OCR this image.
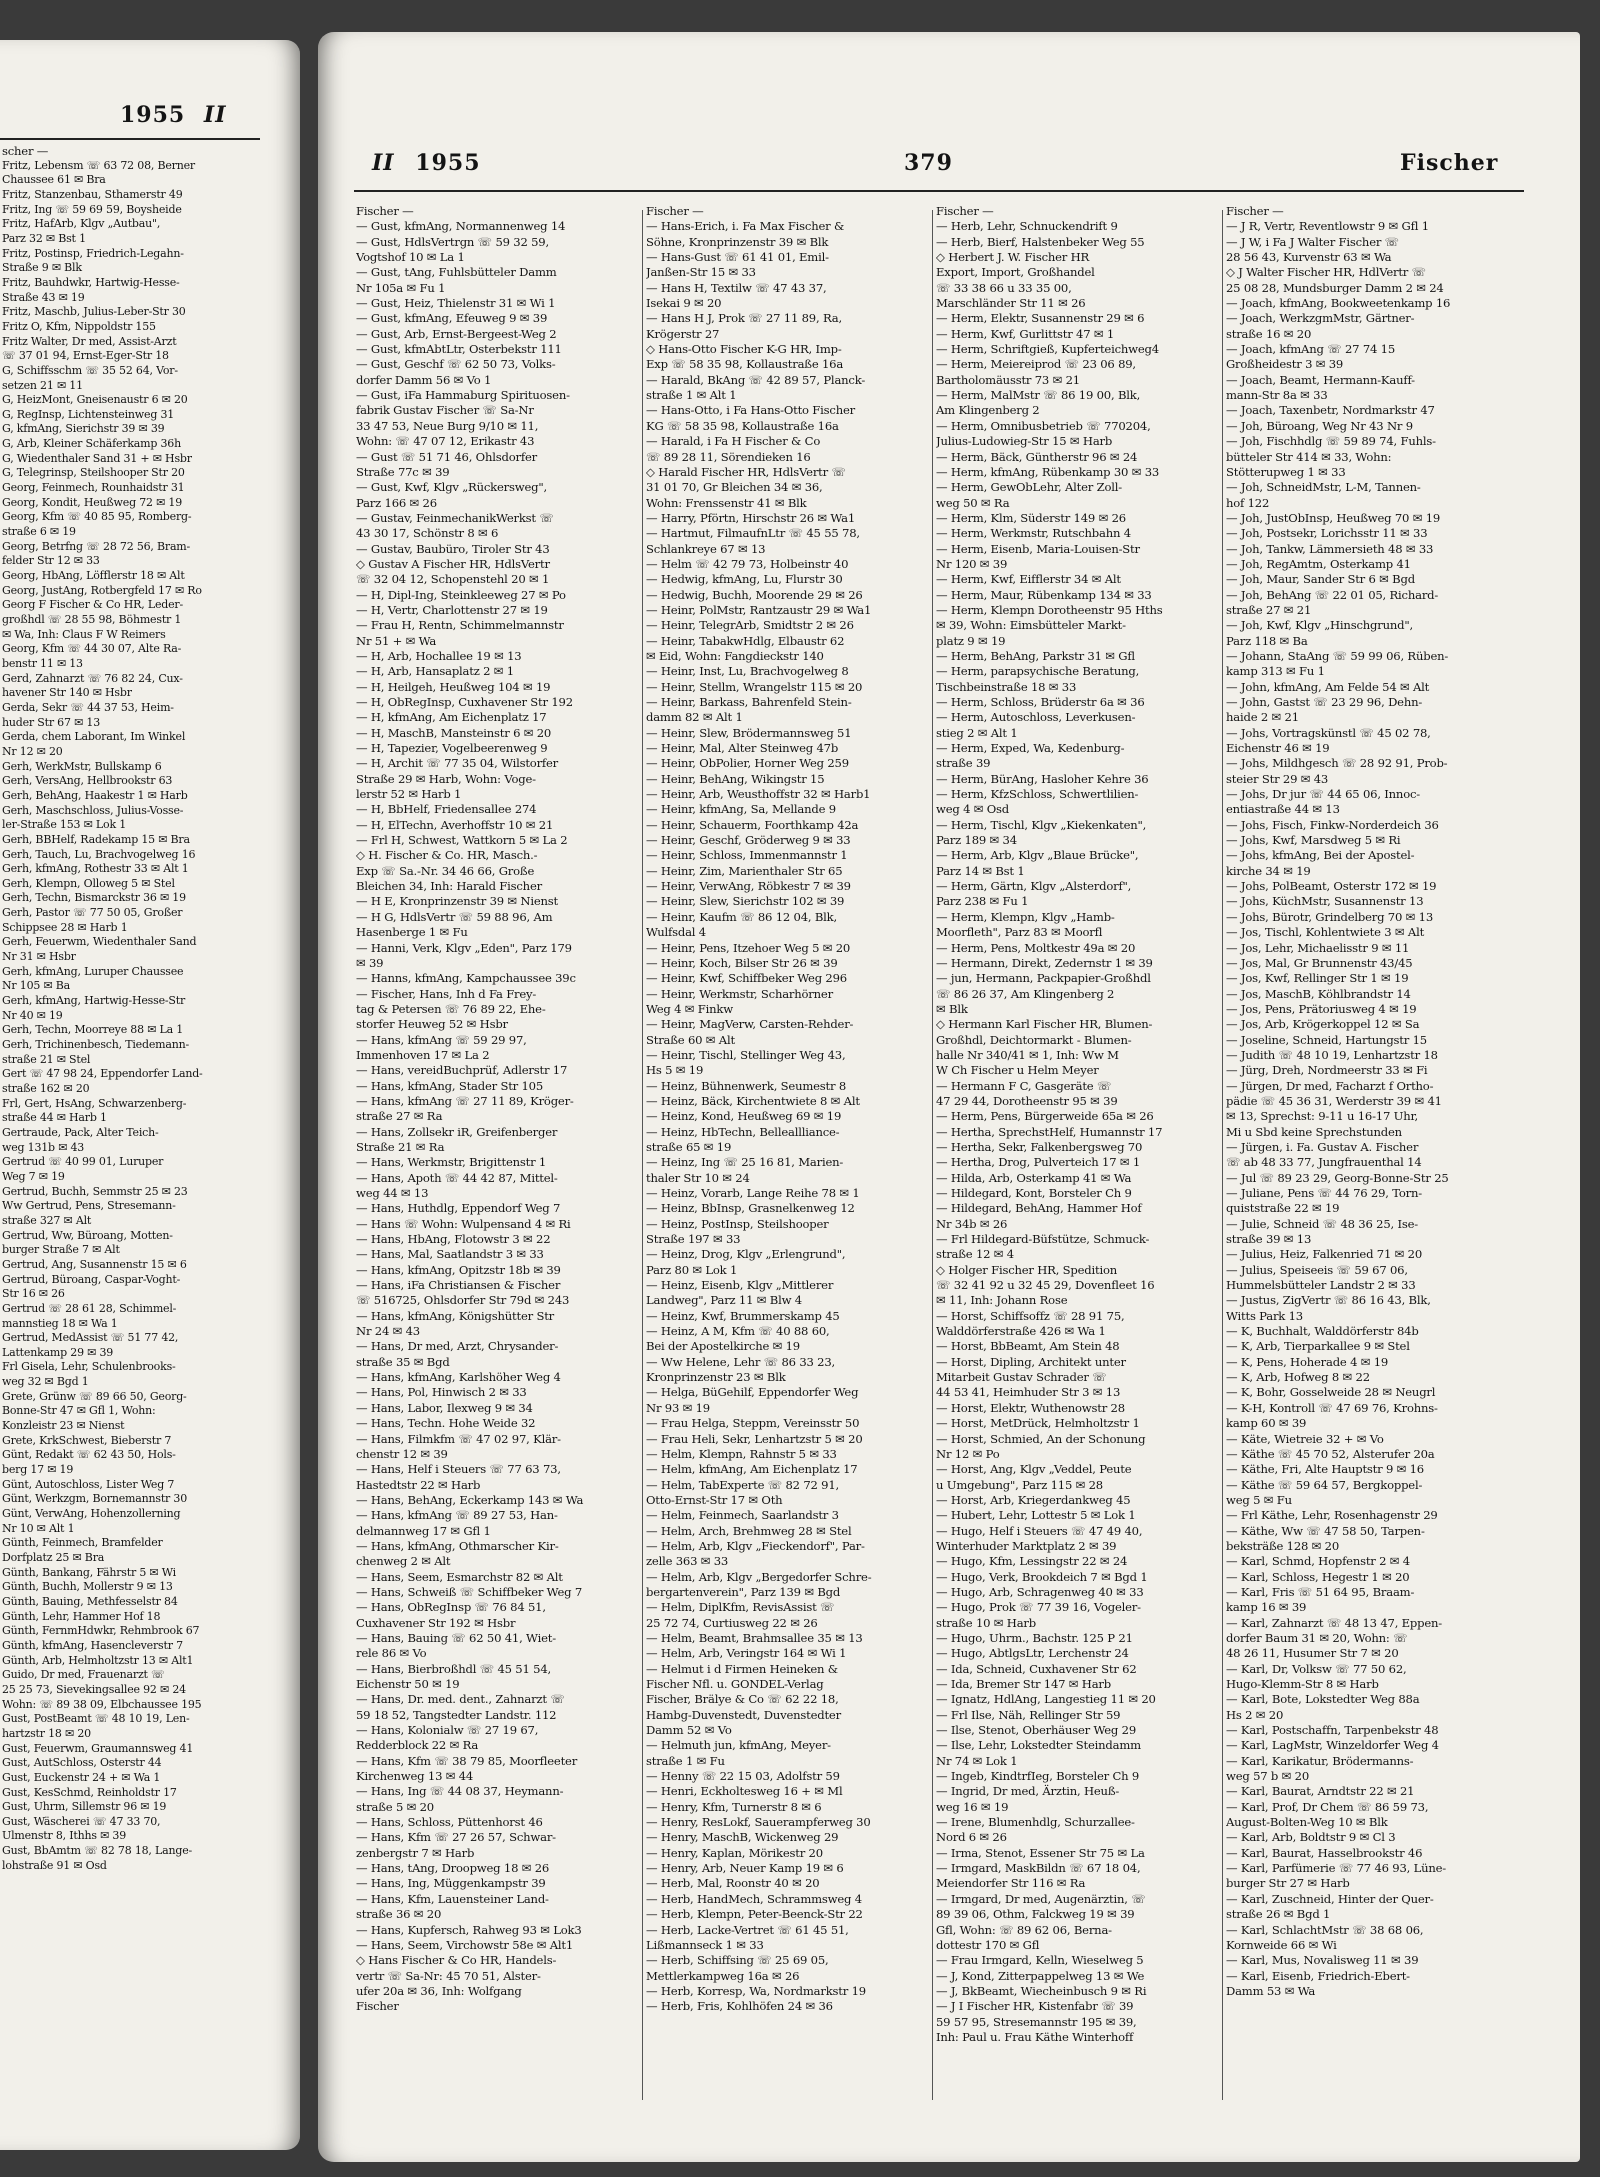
1955 II
scher —
Fritz, Lebensm ☏ 63 72 08, Berner
Chaussee 61 ✉ Bra
Fritz, Stanzenbau, Sthamerstr 49
Fritz, Ing ☏ 59 69 59, Boysheide
Fritz, HafArb, Klgv „Autbau",
Parz 32 ✉ Bst 1
Fritz, Postinsp, Friedrich-Legahn-
Straße 9 ✉ Blk
Fritz, Bauhdwkr, Hartwig-Hesse-
Straße 43 ✉ 19
Fritz, Maschb, Julius-Leber-Str 30
Fritz O, Kfm, Nippoldstr 155
Fritz Walter, Dr med, Assist-Arzt
☏ 37 01 94, Ernst-Eger-Str 18
G, Schiffsschm ☏ 35 52 64, Vor-
setzen 21 ✉ 11
G, HeizMont, Gneisenaustr 6 ✉ 20
G, RegInsp, Lichtensteinweg 31
G, kfmAng, Sierichstr 39 ✉ 39
G, Arb, Kleiner Schäferkamp 36h
G, Wiedenthaler Sand 31 + ✉ Hsbr
G, Telegrinsp, Steilshooper Str 20
Georg, Feinmech, Rounhaidstr 31
Georg, Kondit, Heußweg 72 ✉ 19
Georg, Kfm ☏ 40 85 95, Romberg-
straße 6 ✉ 19
Georg, Betrfng ☏ 28 72 56, Bram-
felder Str 12 ✉ 33
Georg, HbAng, Löfflerstr 18 ✉ Alt
Georg, JustAng, Rotbergfeld 17 ✉ Ro
Georg F Fischer & Co HR, Leder-
großhdl ☏ 28 55 98, Böhmestr 1
✉ Wa, Inh: Claus F W Reimers
Georg, Kfm ☏ 44 30 07, Alte Ra-
benstr 11 ✉ 13
Gerd, Zahnarzt ☏ 76 82 24, Cux-
havener Str 140 ✉ Hsbr
Gerda, Sekr ☏ 44 37 53, Heim-
huder Str 67 ✉ 13
Gerda, chem Laborant, Im Winkel
Nr 12 ✉ 20
Gerh, WerkMstr, Bullskamp 6
Gerh, VersAng, Hellbrookstr 63
Gerh, BehAng, Haakestr 1 ✉ Harb
Gerh, Maschschloss, Julius-Vosse-
ler-Straße 153 ✉ Lok 1
Gerh, BBHelf, Radekamp 15 ✉ Bra
Gerh, Tauch, Lu, Brachvogelweg 16
Gerh, kfmAng, Rothestr 33 ✉ Alt 1
Gerh, Klempn, Olloweg 5 ✉ Stel
Gerh, Techn, Bismarckstr 36 ✉ 19
Gerh, Pastor ☏ 77 50 05, Großer
Schippsee 28 ✉ Harb 1
Gerh, Feuerwm, Wiedenthaler Sand
Nr 31 ✉ Hsbr
Gerh, kfmAng, Luruper Chaussee
Nr 105 ✉ Ba
Gerh, kfmAng, Hartwig-Hesse-Str
Nr 40 ✉ 19
Gerh, Techn, Moorreye 88 ✉ La 1
Gerh, Trichinenbesch, Tiedemann-
straße 21 ✉ Stel
Gert ☏ 47 98 24, Eppendorfer Land-
straße 162 ✉ 20
Frl, Gert, HsAng, Schwarzenberg-
straße 44 ✉ Harb 1
Gertraude, Pack, Alter Teich-
weg 131b ✉ 43
Gertrud ☏ 40 99 01, Luruper
Weg 7 ✉ 19
Gertrud, Buchh, Semmstr 25 ✉ 23
Ww Gertrud, Pens, Stresemann-
straße 327 ✉ Alt
Gertrud, Ww, Büroang, Motten-
burger Straße 7 ✉ Alt
Gertrud, Ang, Susannenstr 15 ✉ 6
Gertrud, Büroang, Caspar-Voght-
Str 16 ✉ 26
Gertrud ☏ 28 61 28, Schimmel-
mannstieg 18 ✉ Wa 1
Gertrud, MedAssist ☏ 51 77 42,
Lattenkamp 29 ✉ 39
Frl Gisela, Lehr, Schulenbrooks-
weg 32 ✉ Bgd 1
Grete, Grünw ☏ 89 66 50, Georg-
Bonne-Str 47 ✉ Gfl 1, Wohn:
Konzleistr 23 ✉ Nienst
Grete, KrkSchwest, Bieberstr 7
Günt, Redakt ☏ 62 43 50, Hols-
berg 17 ✉ 19
Günt, Autoschloss, Lister Weg 7
Günt, Werkzgm, Bornemannstr 30
Günt, VerwAng, Hohenzollerning
Nr 10 ✉ Alt 1
Günth, Feinmech, Bramfelder
Dorfplatz 25 ✉ Bra
Günth, Bankang, Fährstr 5 ✉ Wi
Günth, Buchh, Mollerstr 9 ✉ 13
Günth, Bauing, Methfesselstr 84
Günth, Lehr, Hammer Hof 18
Günth, FernmHdwkr, Rehmbrook 67
Günth, kfmAng, Hasencleverstr 7
Günth, Arb, Helmholtzstr 13 ✉ Alt1
Guido, Dr med, Frauenarzt ☏
25 25 73, Sievekingsallee 92 ✉ 24
Wohn: ☏ 89 38 09, Elbchaussee 195
Gust, PostBeamt ☏ 48 10 19, Len-
hartzstr 18 ✉ 20
Gust, Feuerwm, Graumannsweg 41
Gust, AutSchloss, Osterstr 44
Gust, Euckenstr 24 + ✉ Wa 1
Gust, KesSchmd, Reinholdstr 17
Gust, Uhrm, Sillemstr 96 ✉ 19
Gust, Wäscherei ☏ 47 33 70,
Ulmenstr 8, Ithhs ✉ 39
Gust, BbAmtm ☏ 82 78 18, Lange-
lohstraße 91 ✉ Osd
II 1955	379	Fischer
Fischer —
— Gust, kfmAng, Normannenweg 14
— Gust, HdlsVertrgn ☏ 59 32 59,
Vogtshof 10 ✉ La 1
— Gust, tAng, Fuhlsbütteler Damm
Nr 105a ✉ Fu 1
— Gust, Heiz, Thielenstr 31 ✉ Wi 1
— Gust, kfmAng, Efeuweg 9 ✉ 39
— Gust, Arb, Ernst-Bergeest-Weg 2
— Gust, kfmAbtLtr, Osterbekstr 111
— Gust, Geschf ☏ 62 50 73, Volks-
dorfer Damm 56 ✉ Vo 1
— Gust, iFa Hammaburg Spirituosen-
fabrik Gustav Fischer ☏ Sa-Nr
33 47 53, Neue Burg 9/10 ✉ 11,
Wohn: ☏ 47 07 12, Erikastr 43
— Gust ☏ 51 71 46, Ohlsdorfer
Straße 77c ✉ 39
— Gust, Kwf, Klgv „Rückersweg",
Parz 166 ✉ 26
— Gustav, FeinmechanikWerkst ☏
43 30 17, Schönstr 8 ✉ 6
— Gustav, Baubüro, Tiroler Str 43
◇ Gustav A Fischer HR, HdlsVertr
☏ 32 04 12, Schopenstehl 20 ✉ 1
— H, Dipl-Ing, Steinkleeweg 27 ✉ Po
— H, Vertr, Charlottenstr 27 ✉ 19
— Frau H, Rentn, Schimmelmannstr
Nr 51 + ✉ Wa
— H, Arb, Hochallee 19 ✉ 13
— H, Arb, Hansaplatz 2 ✉ 1
— H, Heilgeh, Heußweg 104 ✉ 19
— H, ObRegInsp, Cuxhavener Str 192
— H, kfmAng, Am Eichenplatz 17
— H, MaschB, Mansteinstr 6 ✉ 20
— H, Tapezier, Vogelbeerenweg 9
— H, Archit ☏ 77 35 04, Wilstorfer
Straße 29 ✉ Harb, Wohn: Voge-
lerstr 52 ✉ Harb 1
— H, BbHelf, Friedensallee 274
— H, ElTechn, Averhoffstr 10 ✉ 21
— Frl H, Schwest, Wattkorn 5 ✉ La 2
◇ H. Fischer & Co. HR, Masch.-
Exp ☏ Sa.-Nr. 34 46 66, Große
Bleichen 34, Inh: Harald Fischer
— H E, Kronprinzenstr 39 ✉ Nienst
— H G, HdlsVertr ☏ 59 88 96, Am
Hasenberge 1 ✉ Fu
— Hanni, Verk, Klgv „Eden", Parz 179
✉ 39
— Hanns, kfmAng, Kampchaussee 39c
— Fischer, Hans, Inh d Fa Frey-
tag & Petersen ☏ 76 89 22, Ehe-
storfer Heuweg 52 ✉ Hsbr
— Hans, kfmAng ☏ 59 29 97,
Immenhoven 17 ✉ La 2
— Hans, vereidBuchprüf, Adlerstr 17
— Hans, kfmAng, Stader Str 105
— Hans, kfmAng ☏ 27 11 89, Kröger-
straße 27 ✉ Ra
— Hans, Zollsekr iR, Greifenberger
Straße 21 ✉ Ra
— Hans, Werkmstr, Brigittenstr 1
— Hans, Apoth ☏ 44 42 87, Mittel-
weg 44 ✉ 13
— Hans, Huthdlg, Eppendorf Weg 7
— Hans ☏ Wohn: Wulpensand 4 ✉ Ri
— Hans, HbAng, Flotowstr 3 ✉ 22
— Hans, Mal, Saatlandstr 3 ✉ 33
— Hans, kfmAng, Opitzstr 18b ✉ 39
— Hans, iFa Christiansen & Fischer
☏ 516725, Ohlsdorfer Str 79d ✉ 243
— Hans, kfmAng, Königshütter Str
Nr 24 ✉ 43
— Hans, Dr med, Arzt, Chrysander-
straße 35 ✉ Bgd
— Hans, kfmAng, Karlshöher Weg 4
— Hans, Pol, Hinwisch 2 ✉ 33
— Hans, Labor, Ilexweg 9 ✉ 34
— Hans, Techn. Hohe Weide 32
— Hans, Filmkfm ☏ 47 02 97, Klär-
chenstr 12 ✉ 39
— Hans, Helf i Steuers ☏ 77 63 73,
Hastedtstr 22 ✉ Harb
— Hans, BehAng, Eckerkamp 143 ✉ Wa
— Hans, kfmAng ☏ 89 27 53, Han-
delmannweg 17 ✉ Gfl 1
— Hans, kfmAng, Othmarscher Kir-
chenweg 2 ✉ Alt
— Hans, Seem, Esmarchstr 82 ✉ Alt
— Hans, Schweiß ☏ Schiffbeker Weg 7
— Hans, ObRegInsp ☏ 76 84 51,
Cuxhavener Str 192 ✉ Hsbr
— Hans, Bauing ☏ 62 50 41, Wiet-
rele 86 ✉ Vo
— Hans, Bierbroßhdl ☏ 45 51 54,
Eichenstr 50 ✉ 19
— Hans, Dr. med. dent., Zahnarzt ☏
59 18 52, Tangstedter Landstr. 112
— Hans, Kolonialw ☏ 27 19 67,
Redderblock 22 ✉ Ra
— Hans, Kfm ☏ 38 79 85, Moorfleeter
Kirchenweg 13 ✉ 44
— Hans, Ing ☏ 44 08 37, Heymann-
straße 5 ✉ 20
— Hans, Schloss, Püttenhorst 46
— Hans, Kfm ☏ 27 26 57, Schwar-
zenbergstr 7 ✉ Harb
— Hans, tAng, Droopweg 18 ✉ 26
— Hans, Ing, Müggenkampstr 39
— Hans, Kfm, Lauensteiner Land-
straße 36 ✉ 20
— Hans, Kupfersch, Rahweg 93 ✉ Lok3
— Hans, Seem, Virchowstr 58e ✉ Alt1
◇ Hans Fischer & Co HR, Handels-
vertr ☏ Sa-Nr: 45 70 51, Alster-
ufer 20a ✉ 36, Inh: Wolfgang
Fischer
Fischer —
— Hans-Erich, i. Fa Max Fischer &
Söhne, Kronprinzenstr 39 ✉ Blk
— Hans-Gust ☏ 61 41 01, Emil-
Janßen-Str 15 ✉ 33
— Hans H, Textilw ☏ 47 43 37,
Isekai 9 ✉ 20
— Hans H J, Prok ☏ 27 11 89, Ra,
Krögerstr 27
◇ Hans-Otto Fischer K-G HR, Imp-
Exp ☏ 58 35 98, Kollaustraße 16a
— Harald, BkAng ☏ 42 89 57, Planck-
straße 1 ✉ Alt 1
— Hans-Otto, i Fa Hans-Otto Fischer
KG ☏ 58 35 98, Kollaustraße 16a
— Harald, i Fa H Fischer & Co
☏ 89 28 11, Sörendieken 16
◇ Harald Fischer HR, HdlsVertr ☏
31 01 70, Gr Bleichen 34 ✉ 36,
Wohn: Frenssenstr 41 ✉ Blk
— Harry, Pförtn, Hirschstr 26 ✉ Wa1
— Hartmut, FilmaufnLtr ☏ 45 55 78,
Schlankreye 67 ✉ 13
— Helm ☏ 42 79 73, Holbeinstr 40
— Hedwig, kfmAng, Lu, Flurstr 30
— Hedwig, Buchh, Moorende 29 ✉ 26
— Heinr, PolMstr, Rantzaustr 29 ✉ Wa1
— Heinr, TelegrArb, Smidtstr 2 ✉ 26
— Heinr, TabakwHdlg, Elbaustr 62
✉ Eid, Wohn: Fangdieckstr 140
— Heinr, Inst, Lu, Brachvogelweg 8
— Heinr, Stellm, Wrangelstr 115 ✉ 20
— Heinr, Barkass, Bahrenfeld Stein-
damm 82 ✉ Alt 1
— Heinr, Slew, Brödermannsweg 51
— Heinr, Mal, Alter Steinweg 47b
— Heinr, ObPolier, Horner Weg 259
— Heinr, BehAng, Wikingstr 15
— Heinr, Arb, Weusthoffstr 32 ✉ Harb1
— Heinr, kfmAng, Sa, Mellande 9
— Heinr, Schauerm, Foorthkamp 42a
— Heinr, Geschf, Gröderweg 9 ✉ 33
— Heinr, Schloss, Immenmannstr 1
— Heinr, Zim, Marienthaler Str 65
— Heinr, VerwAng, Röbkestr 7 ✉ 39
— Heinr, Slew, Sierichstr 102 ✉ 39
— Heinr, Kaufm ☏ 86 12 04, Blk,
Wulfsdal 4
— Heinr, Pens, Itzehoer Weg 5 ✉ 20
— Heinr, Koch, Bilser Str 26 ✉ 39
— Heinr, Kwf, Schiffbeker Weg 296
— Heinr, Werkmstr, Scharhörner
Weg 4 ✉ Finkw
— Heinr, MagVerw, Carsten-Rehder-
Straße 60 ✉ Alt
— Heinr, Tischl, Stellinger Weg 43,
Hs 5 ✉ 19
— Heinz, Bühnenwerk, Seumestr 8
— Heinz, Bäck, Kirchentwiete 8 ✉ Alt
— Heinz, Kond, Heußweg 69 ✉ 19
— Heinz, HbTechn, Belleallliance-
straße 65 ✉ 19
— Heinz, Ing ☏ 25 16 81, Marien-
thaler Str 10 ✉ 24
— Heinz, Vorarb, Lange Reihe 78 ✉ 1
— Heinz, BbInsp, Grasnelkenweg 12
— Heinz, PostInsp, Steilshooper
Straße 197 ✉ 33
— Heinz, Drog, Klgv „Erlengrund",
Parz 80 ✉ Lok 1
— Heinz, Eisenb, Klgv „Mittlerer
Landweg", Parz 11 ✉ Blw 4
— Heinz, Kwf, Brummerskamp 45
— Heinz, A M, Kfm ☏ 40 88 60,
Bei der Apostelkirche ✉ 19
— Ww Helene, Lehr ☏ 86 33 23,
Kronprinzenstr 23 ✉ Blk
— Helga, BüGehilf, Eppendorfer Weg
Nr 93 ✉ 19
— Frau Helga, Steppm, Vereinsstr 50
— Frau Heli, Sekr, Lenhartzstr 5 ✉ 20
— Helm, Klempn, Rahnstr 5 ✉ 33
— Helm, kfmAng, Am Eichenplatz 17
— Helm, TabExperte ☏ 82 72 91,
Otto-Ernst-Str 17 ✉ Oth
— Helm, Feinmech, Saarlandstr 3
— Helm, Arch, Brehmweg 28 ✉ Stel
— Helm, Arb, Klgv „Fieckendorf", Par-
zelle 363 ✉ 33
— Helm, Arb, Klgv „Bergedorfer Schre-
bergartenverein", Parz 139 ✉ Bgd
— Helm, DiplKfm, RevisAssist ☏
25 72 74, Curtiusweg 22 ✉ 26
— Helm, Beamt, Brahmsallee 35 ✉ 13
— Helm, Arb, Veringstr 164 ✉ Wi 1
— Helmut i d Firmen Heineken &
Fischer Nfl. u. GONDEL-Verlag
Fischer, Brälye & Co ☏ 62 22 18,
Hambg-Duvenstedt, Duvenstedter
Damm 52 ✉ Vo
— Helmuth jun, kfmAng, Meyer-
straße 1 ✉ Fu
— Henny ☏ 22 15 03, Adolfstr 59
— Henri, Eckholtesweg 16 + ✉ Ml
— Henry, Kfm, Turnerstr 8 ✉ 6
— Henry, ResLokf, Sauerampferweg 30
— Henry, MaschB, Wickenweg 29
— Henry, Kaplan, Mörikestr 20
— Henry, Arb, Neuer Kamp 19 ✉ 6
— Herb, Mal, Roonstr 40 ✉ 20
— Herb, HandMech, Schrammsweg 4
— Herb, Klempn, Peter-Beenck-Str 22
— Herb, Lacke-Vertret ☏ 61 45 51,
Lißmannseck 1 ✉ 33
— Herb, Schiffsing ☏ 25 69 05,
Mettlerkampweg 16a ✉ 26
— Herb, Korresp, Wa, Nordmarkstr 19
— Herb, Fris, Kohlhöfen 24 ✉ 36
Fischer —
— Herb, Lehr, Schnuckendrift 9
— Herb, Bierf, Halstenbeker Weg 55
◇ Herbert J. W. Fischer HR
Export, Import, Großhandel
☏ 33 38 66 u 33 35 00,
Marschländer Str 11 ✉ 26
— Herm, Elektr, Susannenstr 29 ✉ 6
— Herm, Kwf, Gurlittstr 47 ✉ 1
— Herm, Schriftgieß, Kupferteichweg4
— Herm, Meiereiprod ☏ 23 06 89,
Bartholomäusstr 73 ✉ 21
— Herm, MalMstr ☏ 86 19 00, Blk,
Am Klingenberg 2
— Herm, Omnibusbetrieb ☏ 770204,
Julius-Ludowieg-Str 15 ✉ Harb
— Herm, Bäck, Güntherstr 96 ✉ 24
— Herm, kfmAng, Rübenkamp 30 ✉ 33
— Herm, GewObLehr, Alter Zoll-
weg 50 ✉ Ra
— Herm, Klm, Süderstr 149 ✉ 26
— Herm, Werkmstr, Rutschbahn 4
— Herm, Eisenb, Maria-Louisen-Str
Nr 120 ✉ 39
— Herm, Kwf, Eifflerstr 34 ✉ Alt
— Herm, Maur, Rübenkamp 134 ✉ 33
— Herm, Klempn Dorotheenstr 95 Hths
✉ 39, Wohn: Eimsbütteler Markt-
platz 9 ✉ 19
— Herm, BehAng, Parkstr 31 ✉ Gfl
— Herm, parapsychische Beratung,
Tischbeinstraße 18 ✉ 33
— Herm, Schloss, Brüderstr 6a ✉ 36
— Herm, Autoschloss, Leverkusen-
stieg 2 ✉ Alt 1
— Herm, Exped, Wa, Kedenburg-
straße 39
— Herm, BürAng, Hasloher Kehre 36
— Herm, KfzSchloss, Schwertlilien-
weg 4 ✉ Osd
— Herm, Tischl, Klgv „Kiekenkaten",
Parz 189 ✉ 34
— Herm, Arb, Klgv „Blaue Brücke",
Parz 14 ✉ Bst 1
— Herm, Gärtn, Klgv „Alsterdorf",
Parz 238 ✉ Fu 1
— Herm, Klempn, Klgv „Hamb-
Moorfleth", Parz 83 ✉ Moorfl
— Herm, Pens, Moltkestr 49a ✉ 20
— Hermann, Direkt, Zedernstr 1 ✉ 39
— jun, Hermann, Packpapier-Großhdl
☏ 86 26 37, Am Klingenberg 2
✉ Blk
◇ Hermann Karl Fischer HR, Blumen-
Großhdl, Deichtormarkt - Blumen-
halle Nr 340/41 ✉ 1, Inh: Ww M
W Ch Fischer u Helm Meyer
— Hermann F C, Gasgeräte ☏
47 29 44, Dorotheenstr 95 ✉ 39
— Herm, Pens, Bürgerweide 65a ✉ 26
— Hertha, SprechstHelf, Humannstr 17
— Hertha, Sekr, Falkenbergsweg 70
— Hertha, Drog, Pulverteich 17 ✉ 1
— Hilda, Arb, Osterkamp 41 ✉ Wa
— Hildegard, Kont, Borsteler Ch 9
— Hildegard, BehAng, Hammer Hof
Nr 34b ✉ 26
— Frl Hildegard-Büfstütze, Schmuck-
straße 12 ✉ 4
◇ Holger Fischer HR, Spedition
☏ 32 41 92 u 32 45 29, Dovenfleet 16
✉ 11, Inh: Johann Rose
— Horst, Schiffsoffz ☏ 28 91 75,
Walddörferstraße 426 ✉ Wa 1
— Horst, BbBeamt, Am Stein 48
— Horst, Dipling, Architekt unter
Mitarbeit Gustav Schrader ☏
44 53 41, Heimhuder Str 3 ✉ 13
— Horst, Elektr, Wuthenowstr 28
— Horst, MetDrück, Helmholtzstr 1
— Horst, Schmied, An der Schonung
Nr 12 ✉ Po
— Horst, Ang, Klgv „Veddel, Peute
u Umgebung", Parz 115 ✉ 28
— Horst, Arb, Kriegerdankweg 45
— Hubert, Lehr, Lottestr 5 ✉ Lok 1
— Hugo, Helf i Steuers ☏ 47 49 40,
Winterhuder Marktplatz 2 ✉ 39
— Hugo, Kfm, Lessingstr 22 ✉ 24
— Hugo, Verk, Brookdeich 7 ✉ Bgd 1
— Hugo, Arb, Schragenweg 40 ✉ 33
— Hugo, Prok ☏ 77 39 16, Vogeler-
straße 10 ✉ Harb
— Hugo, Uhrm., Bachstr. 125 P 21
— Hugo, AbtlgsLtr, Lerchenstr 24
— Ida, Schneid, Cuxhavener Str 62
— Ida, Bremer Str 147 ✉ Harb
— Ignatz, HdlAng, Langestieg 11 ✉ 20
— Frl Ilse, Näh, Rellinger Str 59
— Ilse, Stenot, Oberhäuser Weg 29
— Ilse, Lehr, Lokstedter Steindamm
Nr 74 ✉ Lok 1
— Ingeb, KindtrfIeg, Borsteler Ch 9
— Ingrid, Dr med, Ärztin, Heuß-
weg 16 ✉ 19
— Irene, Blumenhdlg, Schurzallee-
Nord 6 ✉ 26
— Irma, Stenot, Essener Str 75 ✉ La
— Irmgard, MaskBildn ☏ 67 18 04,
Meiendorfer Str 116 ✉ Ra
— Irmgard, Dr med, Augenärztin, ☏
89 39 06, Othm, Falckweg 19 ✉ 39
Gfl, Wohn: ☏ 89 62 06, Berna-
dottestr 170 ✉ Gfl
— Frau Irmgard, Kelln, Wieselweg 5
— J, Kond, Zitterpappelweg 13 ✉ We
— J, BkBeamt, Wiecheinbusch 9 ✉ Ri
— J I Fischer HR, Kistenfabr ☏ 39
59 57 95, Stresemannstr 195 ✉ 39,
Inh: Paul u. Frau Käthe Winterhoff
Fischer —
— J R, Vertr, Reventlowstr 9 ✉ Gfl 1
— J W, i Fa J Walter Fischer ☏
28 56 43, Kurvenstr 63 ✉ Wa
◇ J Walter Fischer HR, HdlVertr ☏
25 08 28, Mundsburger Damm 2 ✉ 24
— Joach, kfmAng, Bookweetenkamp 16
— Joach, WerkzgmMstr, Gärtner-
straße 16 ✉ 20
— Joach, kfmAng ☏ 27 74 15
Großheidestr 3 ✉ 39
— Joach, Beamt, Hermann-Kauff-
mann-Str 8a ✉ 33
— Joach, Taxenbetr, Nordmarkstr 47
— Joh, Büroang, Weg Nr 43 Nr 9
— Joh, Fischhdlg ☏ 59 89 74, Fuhls-
bütteler Str 414 ✉ 33, Wohn:
Stötterupweg 1 ✉ 33
— Joh, SchneidMstr, L-M, Tannen-
hof 122
— Joh, JustObInsp, Heußweg 70 ✉ 19
— Joh, Postsekr, Lorichsstr 11 ✉ 33
— Joh, Tankw, Lämmersieth 48 ✉ 33
— Joh, RegAmtm, Osterkamp 41
— Joh, Maur, Sander Str 6 ✉ Bgd
— Joh, BehAng ☏ 22 01 05, Richard-
straße 27 ✉ 21
— Joh, Kwf, Klgv „Hinschgrund",
Parz 118 ✉ Ba
— Johann, StaAng ☏ 59 99 06, Rüben-
kamp 313 ✉ Fu 1
— John, kfmAng, Am Felde 54 ✉ Alt
— John, Gastst ☏ 23 29 96, Dehn-
haide 2 ✉ 21
— Johs, Vortragskünstl ☏ 45 02 78,
Eichenstr 46 ✉ 19
— Johs, Mildhgesch ☏ 28 92 91, Prob-
steier Str 29 ✉ 43
— Johs, Dr jur ☏ 44 65 06, Innoc-
entiastraße 44 ✉ 13
— Johs, Fisch, Finkw-Norderdeich 36
— Johs, Kwf, Marsdweg 5 ✉ Ri
— Johs, kfmAng, Bei der Apostel-
kirche 34 ✉ 19
— Johs, PolBeamt, Osterstr 172 ✉ 19
— Johs, KüchMstr, Susannenstr 13
— Johs, Bürotr, Grindelberg 70 ✉ 13
— Jos, Tischl, Kohlentwiete 3 ✉ Alt
— Jos, Lehr, Michaelisstr 9 ✉ 11
— Jos, Mal, Gr Brunnenstr 43/45
— Jos, Kwf, Rellinger Str 1 ✉ 19
— Jos, MaschB, Köhlbrandstr 14
— Jos, Pens, Prätoriusweg 4 ✉ 19
— Jos, Arb, Krögerkoppel 12 ✉ Sa
— Joseline, Schneid, Hartungstr 15
— Judith ☏ 48 10 19, Lenhartzstr 18
— Jürg, Dreh, Nordmeerstr 33 ✉ Fi
— Jürgen, Dr med, Facharzt f Ortho-
pädie ☏ 45 36 31, Werderstr 39 ✉ 41
✉ 13, Sprechst: 9-11 u 16-17 Uhr,
Mi u Sbd keine Sprechstunden
— Jürgen, i. Fa. Gustav A. Fischer
☏ ab 48 33 77, Jungfrauenthal 14
— Jul ☏ 89 23 29, Georg-Bonne-Str 25
— Juliane, Pens ☏ 44 76 29, Torn-
quiststraße 22 ✉ 19
— Julie, Schneid ☏ 48 36 25, Ise-
straße 39 ✉ 13
— Julius, Heiz, Falkenried 71 ✉ 20
— Julius, Speiseeis ☏ 59 67 06,
Hummelsbütteler Landstr 2 ✉ 33
— Justus, ZigVertr ☏ 86 16 43, Blk,
Witts Park 13
— K, Buchhalt, Walddörferstr 84b
— K, Arb, Tierparkallee 9 ✉ Stel
— K, Pens, Hoherade 4 ✉ 19
— K, Arb, Hofweg 8 ✉ 22
— K, Bohr, Gosselweide 28 ✉ Neugrl
— K-H, Kontroll ☏ 47 69 76, Krohns-
kamp 60 ✉ 39
— Käte, Wietreie 32 + ✉ Vo
— Käthe ☏ 45 70 52, Alsterufer 20a
— Käthe, Fri, Alte Hauptstr 9 ✉ 16
— Käthe ☏ 59 64 57, Bergkoppel-
weg 5 ✉ Fu
— Frl Käthe, Lehr, Rosenhagenstr 29
— Käthe, Ww ☏ 47 58 50, Tarpen-
beksträße 128 ✉ 20
— Karl, Schmd, Hopfenstr 2 ✉ 4
— Karl, Schloss, Hegestr 1 ✉ 20
— Karl, Fris ☏ 51 64 95, Braam-
kamp 16 ✉ 39
— Karl, Zahnarzt ☏ 48 13 47, Eppen-
dorfer Baum 31 ✉ 20, Wohn: ☏
48 26 11, Husumer Str 7 ✉ 20
— Karl, Dr, Volksw ☏ 77 50 62,
Hugo-Klemm-Str 8 ✉ Harb
— Karl, Bote, Lokstedter Weg 88a
Hs 2 ✉ 20
— Karl, Postschaffn, Tarpenbekstr 48
— Karl, LagMstr, Winzeldorfer Weg 4
— Karl, Karikatur, Brödermanns-
weg 57 b ✉ 20
— Karl, Baurat, Arndtstr 22 ✉ 21
— Karl, Prof, Dr Chem ☏ 86 59 73,
August-Bolten-Weg 10 ✉ Blk
— Karl, Arb, Boldtstr 9 ✉ Cl 3
— Karl, Baurat, Hasselbrookstr 46
— Karl, Parfümerie ☏ 77 46 93, Lüne-
burger Str 27 ✉ Harb
— Karl, Zuschneid, Hinter der Quer-
straße 26 ✉ Bgd 1
— Karl, SchlachtMstr ☏ 38 68 06,
Kornweide 66 ✉ Wi
— Karl, Mus, Novalisweg 11 ✉ 39
— Karl, Eisenb, Friedrich-Ebert-
Damm 53 ✉ Wa
